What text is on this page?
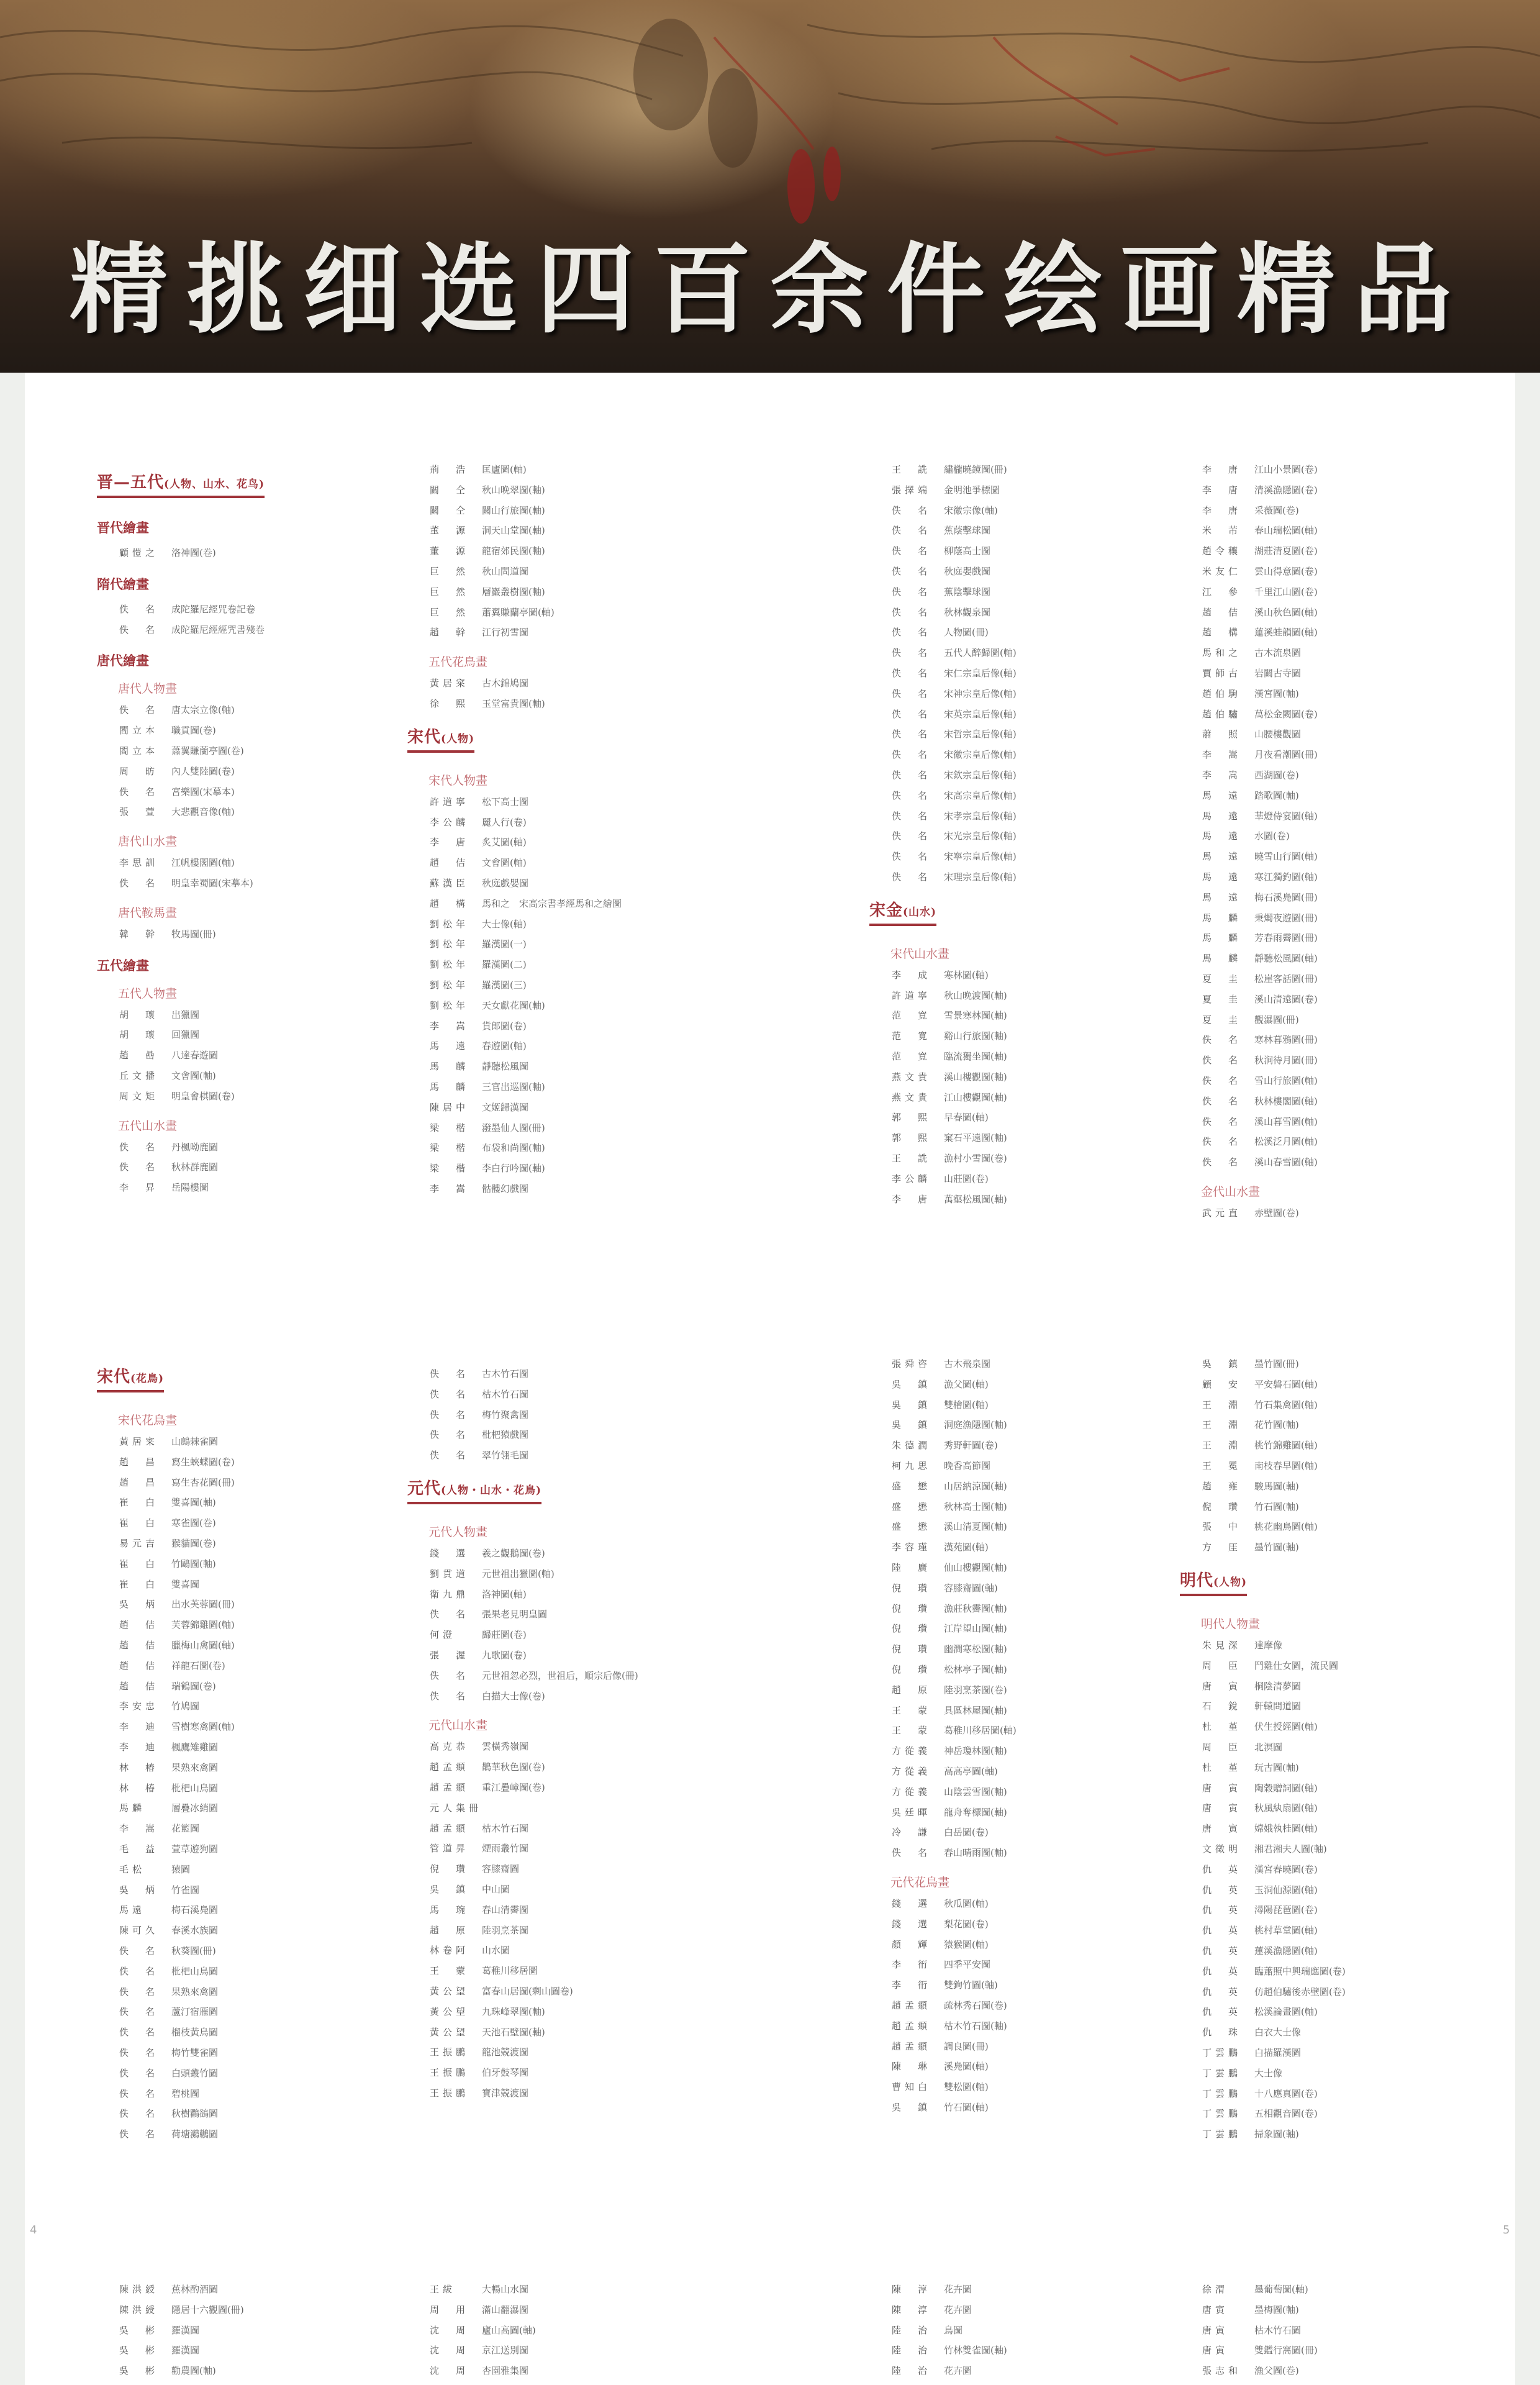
精挑细选四百余件绘画精品
4	5
晋—五代(人物、山水、花鸟)
晋代繪畫
顧愷之 洛神圖(卷)
隋代繪畫
佚　名 成陀羅尼經咒卷記卷
佚　名 成陀羅尼經經咒書殘卷
唐代繪畫
唐代人物畫
佚　名 唐太宗立像(軸)
閻立本 職貢圖(卷)
閻立本 蕭翼賺蘭亭圖(卷)
周　昉 內人雙陸圖(卷)
佚　名 宮樂圖(宋摹本)
張　萱 大悲觀音像(軸)
唐代山水畫
李思訓 江帆樓閣圖(軸)
佚　名 明皇幸蜀圖(宋摹本)
唐代鞍馬畫
韓　幹 牧馬圖(冊)
五代繪畫
五代人物畫
胡　瓌 出獵圖
胡　瓌 回獵圖
趙　喦 八達春遊圖
丘文播 文會圖(軸)
周文矩 明皇會棋圖(卷)
五代山水畫
佚　名 丹楓呦鹿圖
佚　名 秋林群鹿圖
李　昇 岳陽樓圖
荊　浩 匡廬圖(軸)
關　仝 秋山晚翠圖(軸)
關　仝 關山行旅圖(軸)
董　源 洞天山堂圖(軸)
董　源 龍宿郊民圖(軸)
巨　然 秋山問道圖
巨　然 層巖叢樹圖(軸)
巨　然 蕭翼賺蘭亭圖(軸)
趙　幹 江行初雪圖
五代花鳥畫
黃居寀 古木錦鳩圖
徐　熙 玉堂富貴圖(軸)
宋代(人物)
宋代人物畫
許道寧 松下高士圖
李公麟 麗人行(卷)
李　唐 炙艾圖(軸)
趙　佶 文會圖(軸)
蘇漢臣 秋庭戲嬰圖
趙　構 馬和之　宋高宗書孝經馬和之繪圖
劉松年 大士像(軸)
劉松年 羅漢圖(一)
劉松年 羅漢圖(二)
劉松年 羅漢圖(三)
劉松年 天女獻花圖(軸)
李　嵩 貨郎圖(卷)
馬　遠 春遊圖(軸)
馬　麟 靜聽松風圖
馬　麟 三官出巡圖(軸)
陳居中 文姬歸漢圖
梁　楷 潑墨仙人圖(冊)
梁　楷 布袋和尚圖(軸)
梁　楷 李白行吟圖(軸)
李　嵩 骷髏幻戲圖
王　詵 繡櫳曉鏡圖(冊)
張擇端 金明池爭標圖
佚　名 宋徽宗像(軸)
佚　名 蕉蔭擊球圖
佚　名 柳蔭高士圖
佚　名 秋庭嬰戲圖
佚　名 蕉陰擊球圖
佚　名 秋林觀泉圖
佚　名 人物圖(冊)
佚　名 五代人醉歸圖(軸)
佚　名 宋仁宗皇后像(軸)
佚　名 宋神宗皇后像(軸)
佚　名 宋英宗皇后像(軸)
佚　名 宋哲宗皇后像(軸)
佚　名 宋徽宗皇后像(軸)
佚　名 宋欽宗皇后像(軸)
佚　名 宋高宗皇后像(軸)
佚　名 宋孝宗皇后像(軸)
佚　名 宋光宗皇后像(軸)
佚　名 宋寧宗皇后像(軸)
佚　名 宋理宗皇后像(軸)
宋金(山水)
宋代山水畫
李　成 寒林圖(軸)
許道寧 秋山晚渡圖(軸)
范　寬 雪景寒林圖(軸)
范　寬 谿山行旅圖(軸)
范　寬 臨流獨坐圖(軸)
燕文貴 溪山樓觀圖(軸)
燕文貴 江山樓觀圖(軸)
郭　熙 早春圖(軸)
郭　熙 窠石平遠圖(軸)
王　詵 漁村小雪圖(卷)
李公麟 山莊圖(卷)
李　唐 萬壑松風圖(軸)
李　唐 江山小景圖(卷)
李　唐 清溪漁隱圖(卷)
李　唐 采薇圖(卷)
米　芾 春山瑞松圖(軸)
趙令穰 湖莊清夏圖(卷)
米友仁 雲山得意圖(卷)
江　參 千里江山圖(卷)
趙　佶 溪山秋色圖(軸)
趙　構 蓮溪蛙韻圖(軸)
馬和之 古木流泉圖
賈師古 岩關古寺圖
趙伯駒 漢宮圖(軸)
趙伯驌 萬松金闕圖(卷)
蕭　照 山腰樓觀圖
李　嵩 月夜看潮圖(冊)
李　嵩 西湖圖(卷)
馬　遠 踏歌圖(軸)
馬　遠 華燈侍宴圖(軸)
馬　遠 水圖(卷)
馬　遠 曉雪山行圖(軸)
馬　遠 寒江獨釣圖(軸)
馬　遠 梅石溪鳧圖(冊)
馬　麟 秉燭夜遊圖(冊)
馬　麟 芳春雨霽圖(冊)
馬　麟 靜聽松風圖(軸)
夏　圭 松崖客話圖(冊)
夏　圭 溪山清遠圖(卷)
夏　圭 觀瀑圖(冊)
佚　名 寒林暮鴉圖(冊)
佚　名 秋涧待月圖(冊)
佚　名 雪山行旅圖(軸)
佚　名 秋林樓閣圖(軸)
佚　名 溪山暮雪圖(軸)
佚　名 松溪泛月圖(軸)
佚　名 溪山春雪圖(軸)
金代山水畫
武元直 赤壁圖(卷)
宋代(花鳥)
宋代花鳥畫
黃居寀 山鷓棘雀圖
趙　昌 寫生蛺蝶圖(卷)
趙　昌 寫生杏花圖(冊)
崔　白 雙喜圖(軸)
崔　白 寒雀圖(卷)
易元吉 猴貓圖(卷)
崔　白 竹鷗圖(軸)
崔　白 雙喜圖
吳　炳 出水芙蓉圖(冊)
趙　佶 芙蓉錦雞圖(軸)
趙　佶 臘梅山禽圖(軸)
趙　佶 祥龍石圖(卷)
趙　佶 瑞鶴圖(卷)
李安忠 竹鳩圖
李　迪 雪樹寒禽圖(軸)
李　迪 楓鷹雉雞圖
林　椿 果熟來禽圖
林　椿 枇杷山鳥圖
馬麟	層疊冰綃圖
李　嵩 花籃圖
毛　益 萱草遊狗圖
毛松　猿圖
吳　炳 竹雀圖
馬遠	梅石溪鳧圖
陳可久 春溪水族圖
佚　名 秋葵圖(冊)
佚　名 枇杷山鳥圖
佚　名 果熟來禽圖
佚　名 蘆汀宿雁圖
佚　名 榴枝黃鳥圖
佚　名 梅竹雙雀圖
佚　名 白頭叢竹圖
佚　名 碧桃圖
佚　名 秋樹鸜鵒圖
佚　名 荷塘鸂鶒圖
佚　名 古木竹石圖
佚　名 枯木竹石圖
佚　名 梅竹聚禽圖
佚　名 枇杷猿戲圖
佚　名 翠竹翎毛圖
元代(人物・山水・花鳥)
元代人物畫
錢　選 羲之觀鵝圖(卷)
劉貫道 元世祖出獵圖(軸)
衛九鼎 洛神圖(軸)
佚　名 張果老見明皇圖
何澄	歸莊圖(卷)
張　渥 九歌圖(卷)
佚　名 元世祖忽必烈，世祖后，順宗后像(冊)
佚　名 白描大士像(卷)
元代山水畫
高克恭 雲橫秀嶺圖
趙孟頫 鵲華秋色圖(卷)
趙孟頫 重江疊嶂圖(卷)
元人集冊
趙孟頫 枯木竹石圖
管道昇 煙雨叢竹圖
倪　瓚 容膝齋圖
吳　鎮 中山圖
馬　琬 春山清霽圖
趙　原 陸羽烹茶圖
林卷阿 山水圖
王　蒙 葛稚川移居圖
黃公望 富春山居圖(剩山圖卷)
黃公望 九珠峰翠圖(軸)
黃公望 天池石壁圖(軸)
王振鵬 龍池競渡圖
王振鵬 伯牙鼓琴圖
王振鵬 寶津競渡圖
張舜咨 古木飛泉圖
吳　鎮 漁父圖(軸)
吳　鎮 雙檜圖(軸)
吳　鎮 洞庭漁隱圖(軸)
朱德潤 秀野軒圖(卷)
柯九思 晚香高節圖
盛　懋 山居納涼圖(軸)
盛　懋 秋林高士圖(軸)
盛　懋 溪山清夏圖(軸)
李容瑾 漢苑圖(軸)
陸　廣 仙山樓觀圖(軸)
倪　瓚 容膝齋圖(軸)
倪　瓚 漁莊秋霽圖(軸)
倪　瓚 江岸望山圖(軸)
倪　瓚 幽澗寒松圖(軸)
倪　瓚 松林亭子圖(軸)
趙　原 陸羽烹茶圖(卷)
王　蒙 具區林屋圖(軸)
王　蒙 葛稚川移居圖(軸)
方從義 神岳瓊林圖(軸)
方從義 高高亭圖(軸)
方從義 山陰雲雪圖(軸)
吳廷暉 龍舟奪標圖(軸)
冷　謙 白岳圖(卷)
佚　名 春山晴雨圖(軸)
元代花鳥畫
錢　選 秋瓜圖(軸)
錢　選 梨花圖(卷)
顏　輝 猿猴圖(軸)
李　衎 四季平安圖
李　衎 雙鉤竹圖(軸)
趙孟頫 疏林秀石圖(卷)
趙孟頫 枯木竹石圖(軸)
趙孟頫 調良圖(冊)
陳　琳 溪鳧圖(軸)
曹知白 雙松圖(軸)
吳　鎮 竹石圖(軸)
吳　鎮 墨竹圖(冊)
顧　安 平安磐石圖(軸)
王　淵 竹石集禽圖(軸)
王　淵 花竹圖(軸)
王　淵 桃竹錦雞圖(軸)
王　冕 南枝春早圖(軸)
趙　雍 駿馬圖(軸)
倪　瓚 竹石圖(軸)
張　中 桃花幽鳥圖(軸)
方　厓 墨竹圖(軸)
明代(人物)
明代人物畫
朱見深 達摩像
周　臣 鬥雞仕女圖，流民圖
唐　寅 桐陰清夢圖
石　銳 軒轅問道圖
杜　堇 伏生授經圖(軸)
周　臣 北溟圖
杜　堇 玩古圖(軸)
唐　寅 陶穀贈詞圖(軸)
唐　寅 秋風紈扇圖(軸)
唐　寅 嫦娥執桂圖(軸)
文徵明 湘君湘夫人圖(軸)
仇　英 漢宮春曉圖(卷)
仇　英 玉洞仙源圖(軸)
仇　英 潯陽琵琶圖(卷)
仇　英 桃村草堂圖(軸)
仇　英 蓮溪漁隱圖(軸)
仇　英 臨蕭照中興瑞應圖(卷)
仇　英 仿趙伯驌後赤壁圖(卷)
仇　英 松溪論畫圖(軸)
仇　珠 白衣大士像
丁雲鵬 白描羅漢圖
丁雲鵬 大士像
丁雲鵬 十八應真圖(卷)
丁雲鵬 五相觀音圖(卷)
丁雲鵬 掃象圖(軸)
陳洪綬 蕉林酌酒圖
陳洪綬 隱居十六觀圖(冊)
吳　彬 羅漢圖
吳　彬 羅漢圖
吳　彬 勸農圖(軸)
王紱	大暢山水圖
周　用 滿山翻瀑圖
沈　周 廬山高圖(軸)
沈　周 京江送別圖
沈　周 杏園雅集圖
陳　淳 花卉圖
陳　淳 花卉圖
陸　治 鳥圖
陸　治 竹林雙雀圖(軸)
陸　治 花卉圖
徐渭	墨葡萄圖(軸)
唐寅	墨梅圖(軸)
唐寅	枯木竹石圖
唐寅	雙鑑行窩圖(冊)
張志和 漁父圖(卷)
